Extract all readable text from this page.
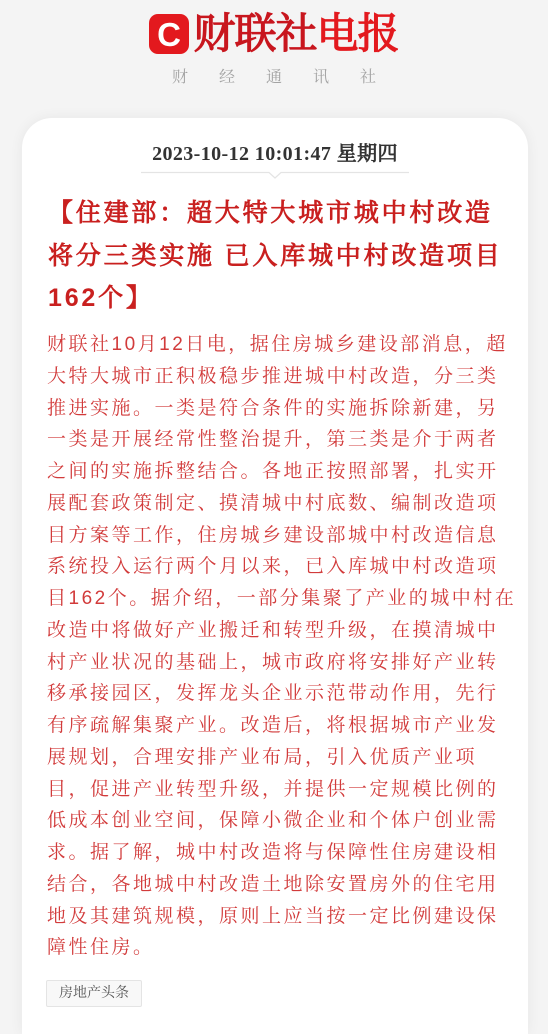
C 财联社 电报
财经通讯社
2023-10-12 10:01:47 星期四
【住建部：超大特大城市城中村改造
将分三类实施 已入库城中村改造项目
162个】
财联社10月12日电，据住房城乡建设部消息，超
大特大城市正积极稳步推进城中村改造，分三类
推进实施。一类是符合条件的实施拆除新建，另
一类是开展经常性整治提升，第三类是介于两者
之间的实施拆整结合。各地正按照部署，扎实开
展配套政策制定、摸清城中村底数、编制改造项
目方案等工作，住房城乡建设部城中村改造信息
系统投入运行两个月以来，已入库城中村改造项
目162个。据介绍，一部分集聚了产业的城中村在
改造中将做好产业搬迁和转型升级，在摸清城中
村产业状况的基础上，城市政府将安排好产业转
移承接园区，发挥龙头企业示范带动作用，先行
有序疏解集聚产业。改造后，将根据城市产业发
展规划，合理安排产业布局，引入优质产业项
目，促进产业转型升级，并提供一定规模比例的
低成本创业空间，保障小微企业和个体户创业需
求。据了解，城中村改造将与保障性住房建设相
结合，各地城中村改造土地除安置房外的住宅用
地及其建筑规模，原则上应当按一定比例建设保
障性住房。
房地产头条
